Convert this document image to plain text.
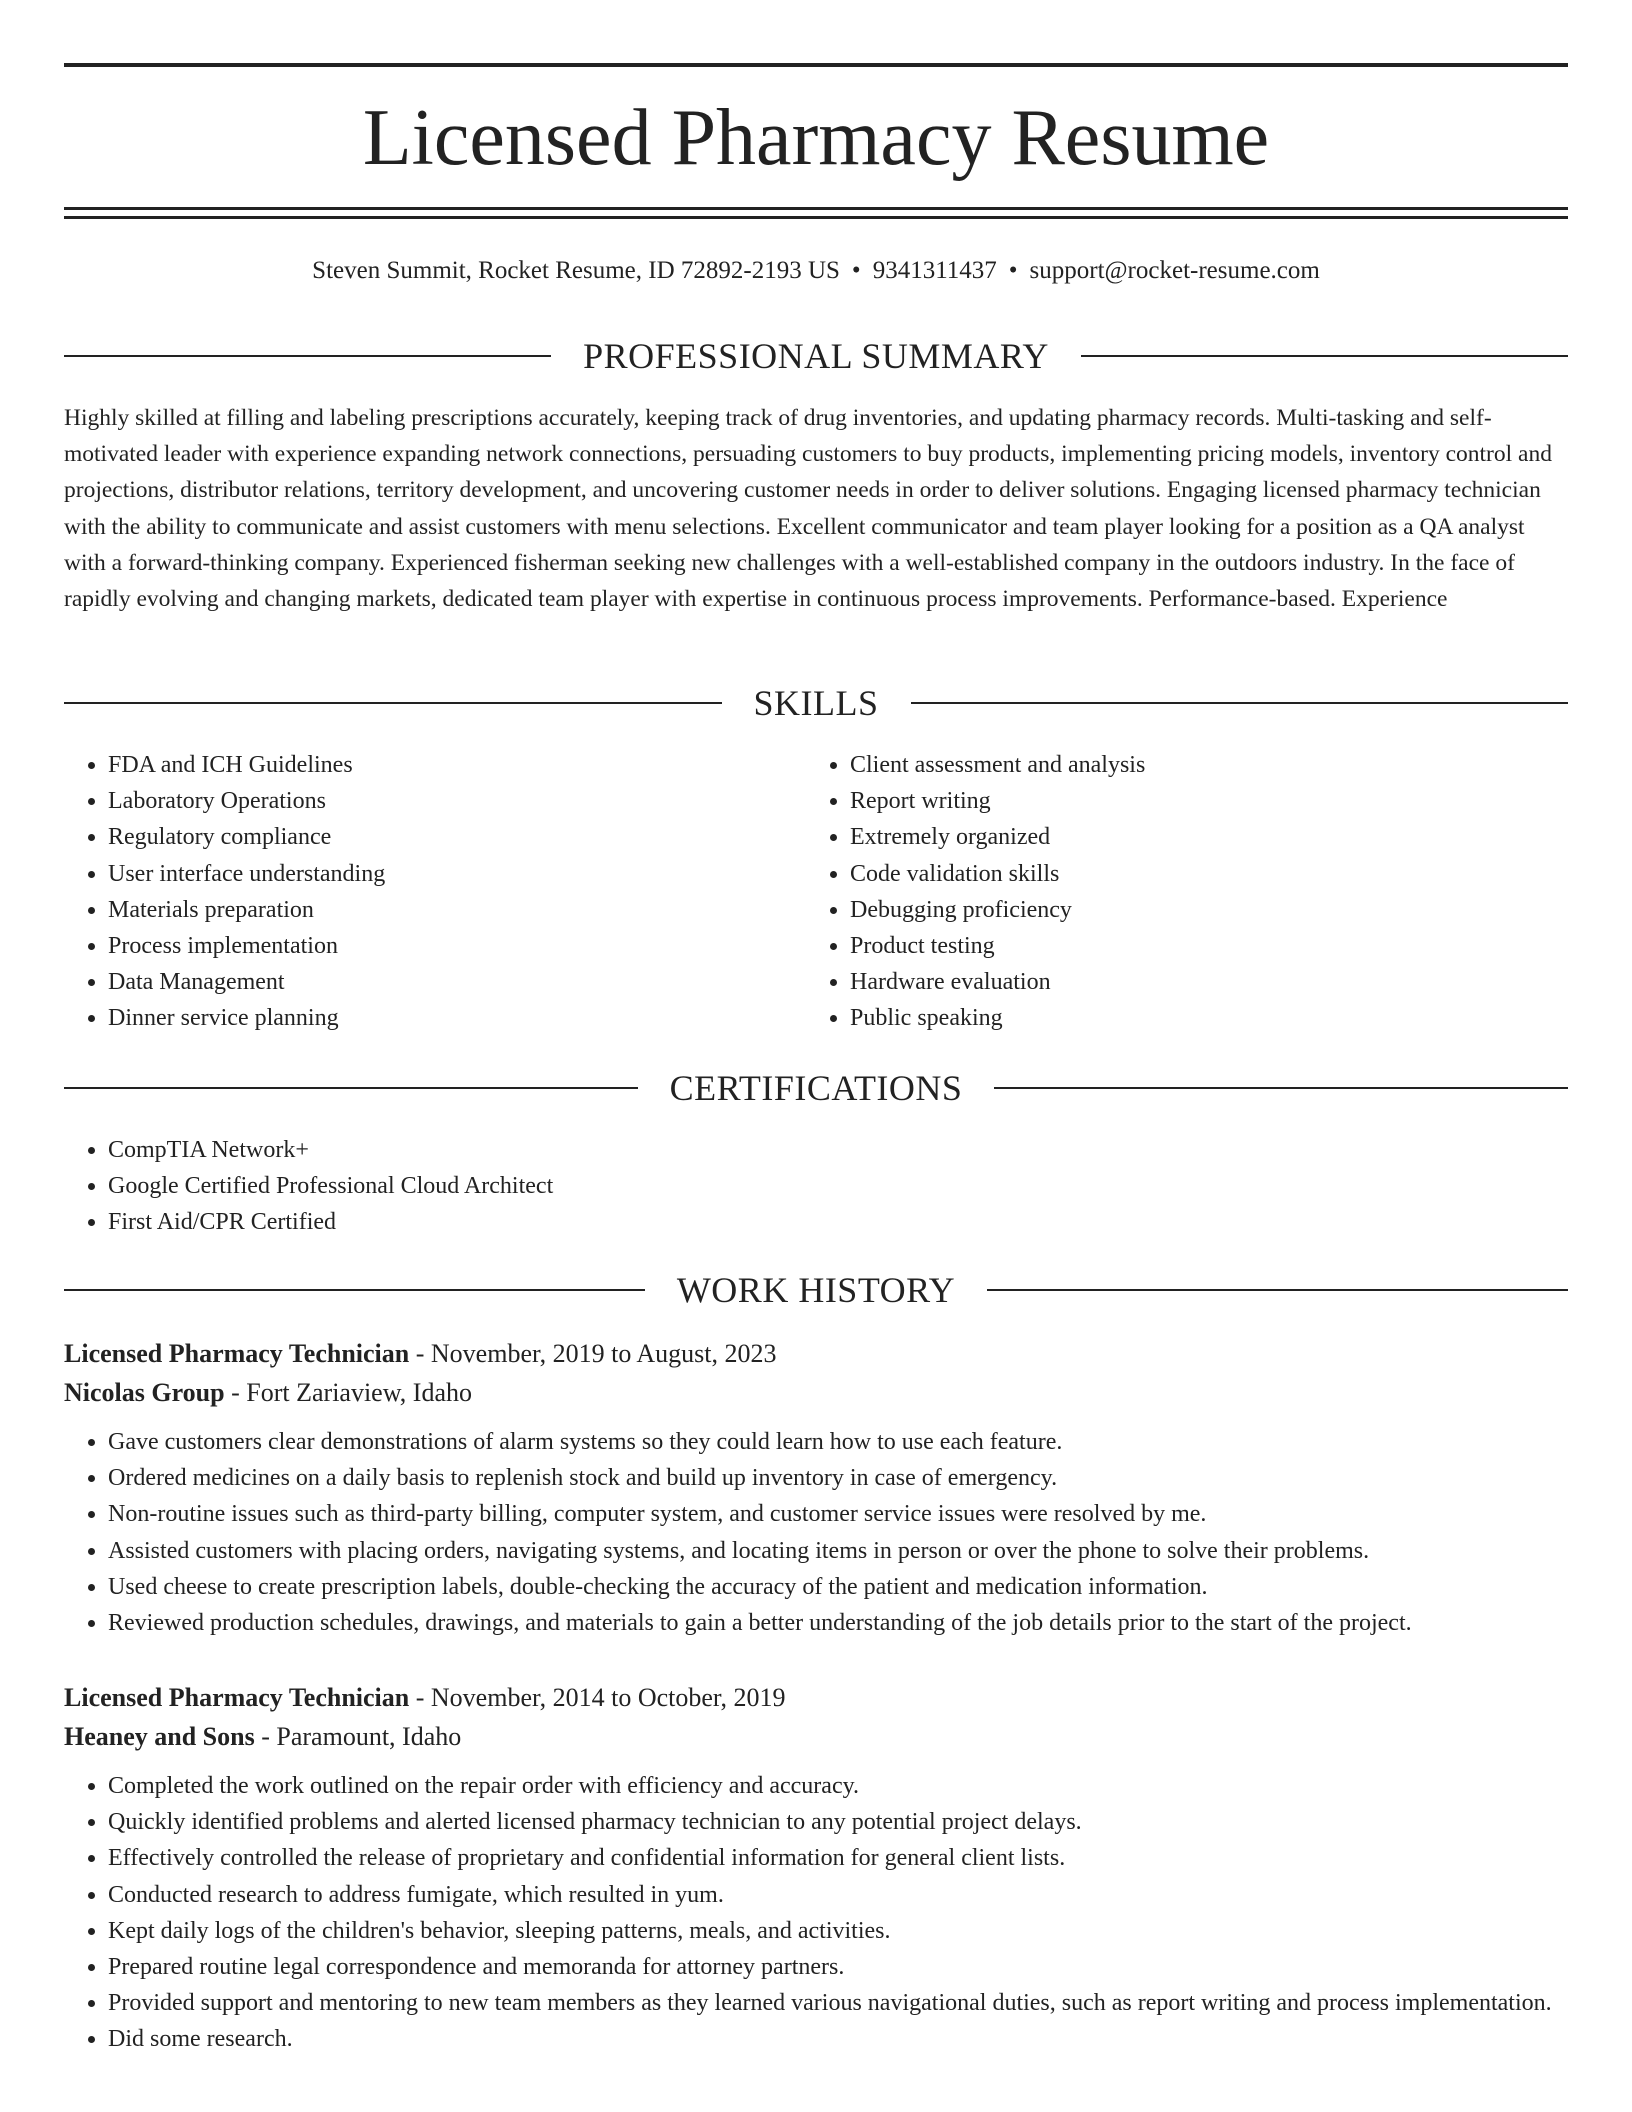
Licensed Pharmacy Resume
Steven Summit, Rocket Resume, ID 72892-2193 US • 9341311437 • support@rocket-resume.com
PROFESSIONAL SUMMARY

Highly skilled at filling and labeling prescriptions accurately, keeping track of drug inventories, and updating pharmacy records. Multi-tasking and self-motivated leader with experience expanding network connections, persuading customers to buy products, implementing pricing models, inventory control and projections, distributor relations, territory development, and uncovering customer needs in order to deliver solutions. Engaging licensed pharmacy technician with the ability to communicate and assist customers with menu selections. Excellent communicator and team player looking for a position as a QA analyst with a forward-thinking company. Experienced fisherman seeking new challenges with a well-established company in the outdoors industry. In the face of rapidly evolving and changing markets, dedicated team player with expertise in continuous process improvements. Performance-based. Experience

SKILLS
• FDA and ICH Guidelines
• Laboratory Operations
• Regulatory compliance
• User interface understanding
• Materials preparation
• Process implementation
• Data Management
• Dinner service planning
• Client assessment and analysis
• Report writing
• Extremely organized
• Code validation skills
• Debugging proficiency
• Product testing
• Hardware evaluation
• Public speaking
CERTIFICATIONS
• CompTIA Network+
• Google Certified Professional Cloud Architect
• First Aid/CPR Certified
WORK HISTORY
Licensed Pharmacy Technician - November, 2019 to August, 2023
Nicolas Group - Fort Zariaview, Idaho
• Gave customers clear demonstrations of alarm systems so they could learn how to use each feature.
• Ordered medicines on a daily basis to replenish stock and build up inventory in case of emergency.
• Non-routine issues such as third-party billing, computer system, and customer service issues were resolved by me.
• Assisted customers with placing orders, navigating systems, and locating items in person or over the phone to solve their problems.
• Used cheese to create prescription labels, double-checking the accuracy of the patient and medication information.
• Reviewed production schedules, drawings, and materials to gain a better understanding of the job details prior to the start of the project.
Licensed Pharmacy Technician - November, 2014 to October, 2019
Heaney and Sons - Paramount, Idaho
• Completed the work outlined on the repair order with efficiency and accuracy.
• Quickly identified problems and alerted licensed pharmacy technician to any potential project delays.
• Effectively controlled the release of proprietary and confidential information for general client lists.
• Conducted research to address fumigate, which resulted in yum.
• Kept daily logs of the children's behavior, sleeping patterns, meals, and activities.
• Prepared routine legal correspondence and memoranda for attorney partners.
• Provided support and mentoring to new team members as they learned various navigational duties, such as report writing and process implementation.
• Did some research.
